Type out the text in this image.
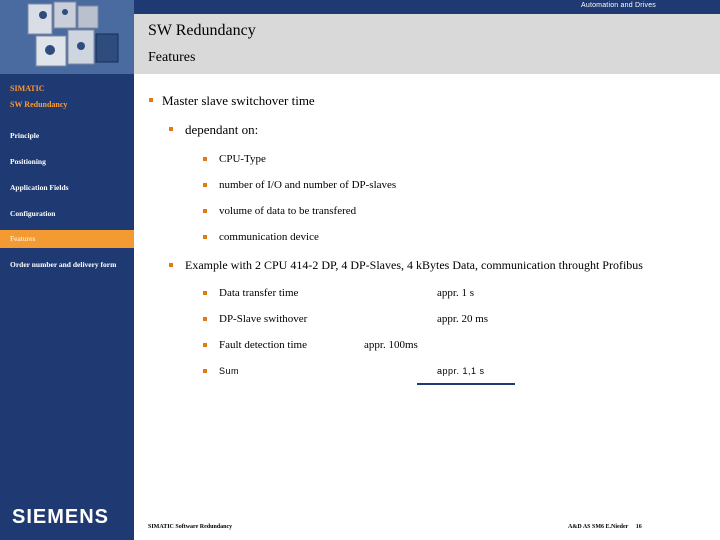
Automation and Drives
SW Redundancy
Features
SIMATIC
SW Redundancy
Principle
Positioning
Application Fields
Configuration
Features
Order number and delivery form
SIEMENS
Master slave switchover time
dependant on:
CPU-Type
number of I/O and number of DP-slaves
volume of data to be transfered
communication device
Example with 2 CPU 414-2 DP, 4 DP-Slaves, 4 kBytes Data, communication throught Profibus
Data transfer time	appr. 1 s
DP-Slave swithover	appr. 20 ms
Fault detection time	appr. 100ms
Sum	appr. 1,1 s
SIMATIC Software Redundancy	A&D AS SM6 E.Nieder 16
